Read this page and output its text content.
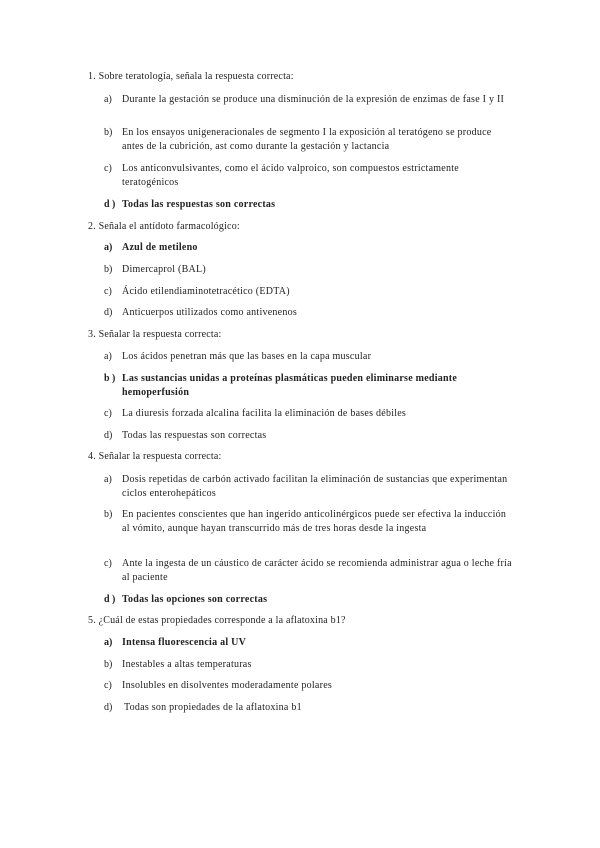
1. Sobre teratología, señala la respuesta correcta:
a) Durante la gestación se produce una disminución de la expresión de enzimas de fase I y II
b) En los ensayos unigeneracionales de segmento I la exposición al teratógeno se produce antes de la cubrición, ast como durante la gestación y lactancia
c) Los anticonvulsivantes, como el ácido valproico, son compuestos estrictamente teratogénicos
d ) Todas las respuestas son correctas
2. Señala el antídoto farmacológico:
a) Azul de metileno
b) Dimercaprol (BAL)
c) Ácido etilendiaminotetracético (EDTA)
d) Anticuerpos utilizados como antivenenos
3. Señalar la respuesta correcta:
a) Los ácidos penetran más que las bases en la capa muscular
b ) Las sustancias unidas a proteínas plasmáticas pueden eliminarse mediante hemoperfusión
c) La diuresis forzada alcalina facilita la eliminación de bases débiles
d) Todas las respuestas son correctas
4. Señalar la respuesta correcta:
a) Dosis repetidas de carbón activado facilitan la eliminación de sustancias que experimentan ciclos enterohepáticos
b) En pacientes conscientes que han ingerido anticolinérgicos puede ser efectiva la inducción al vómito, aunque hayan transcurrido más de tres horas desde la ingesta
c) Ante la ingesta de un cáustico de carácter ácido se recomienda administrar agua o leche fría al paciente
d ) Todas las opciones son correctas
5. ¿Cuál de estas propiedades corresponde a la aflatoxina b1?
a) Intensa fluorescencia al UV
b) Inestables a altas temperaturas
c) Insolubles en disolventes moderadamente polares
d) Todas son propiedades de la aflatoxina b1
